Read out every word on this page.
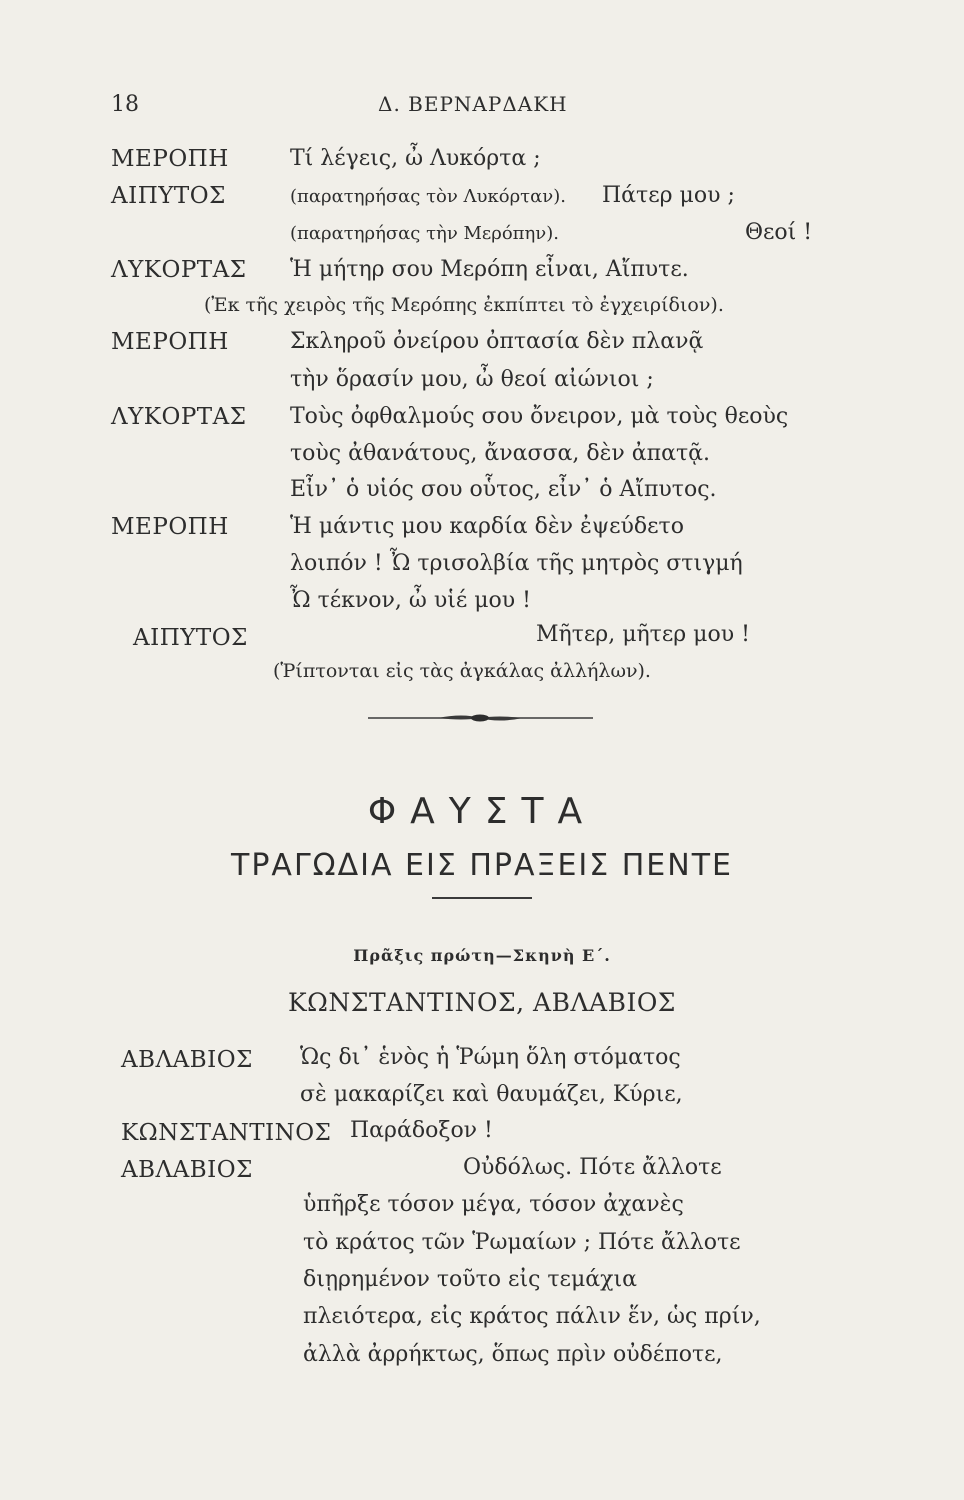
18	Δ. ΒΕΡΝΑΡΔΑΚΗ
ΜΕΡΟΠΗ	Τί λέγεις, ὦ Λυκόρτα ;
ΑΙΠΥΤΟΣ	(παρατηρήσας τὸν Λυκόρταν). Πάτερ μου ;
(παρατηρήσας τὴν Μερόπην).	Θεοί !
ΛΥΚΟΡΤΑΣ Ἡ μήτηρ σου Μερόπη εἶναι, Αἴπυτε.
(Ἐκ τῆς χειρὸς τῆς Μερόπης ἐκπίπτει τὸ ἐγχειρίδιον).
ΜΕΡΟΠΗ	Σκληροῦ ὀνείρου ὀπτασία δὲν πλανᾷ
τὴν ὅρασίν μου, ὦ θεοί αἰώνιοι ;
ΛΥΚΟΡΤΑΣ Τοὺς ὀφθαλμούς σου ὄνειρον, μὰ τοὺς θεοὺς
τοὺς ἀθανάτους, ἄνασσα, δὲν ἀπατᾷ.
Εἶν᾽ ὁ υἱός σου οὗτος, εἶν᾽ ὁ Αἴπυτος.
ΜΕΡΟΠΗ	Ἡ μάντις μου καρδία δὲν ἐψεύδετο
λοιπόν ! Ὦ τρισολβία τῆς μητρὸς στιγμή
Ὦ τέκνον, ὦ υἱέ μου !
ΑΙΠΥΤΟΣ	Μῆτερ, μῆτερ μου !
(Ῥίπτονται εἰς τὰς ἀγκάλας ἀλλήλων).
ΦΑΥΣΤΑ
ΤΡΑΓΩΔΙΑ ΕΙΣ ΠΡΑΞΕΙΣ ΠΕΝΤΕ
Πρᾶξις πρώτη—Σκηνὴ Ε΄.
ΚΩΝΣΤΑΝΤΙΝΟΣ, ΑΒΛΑΒΙΟΣ
ΑΒΛΑΒΙΟΣ Ὡς δι᾽ ἑνὸς ἡ Ῥώμη ὅλη στόματος
σὲ μακαρίζει καὶ θαυμάζει, Κύριε,
ΚΩΝΣΤΑΝΤΙΝΟΣ Παράδοξον !
ΑΒΛΑΒΙΟΣ	Οὐδόλως. Πότε ἄλλοτε
ὑπῆρξε τόσον μέγα, τόσον ἀχανὲς
τὸ κράτος τῶν Ῥωμαίων ; Πότε ἄλλοτε
διῃρημένον τοῦτο εἰς τεμάχια
πλειότερα, εἰς κράτος πάλιν ἕν, ὡς πρίν,
ἀλλὰ ἀρρήκτως, ὅπως πρὶν οὐδέποτε,
